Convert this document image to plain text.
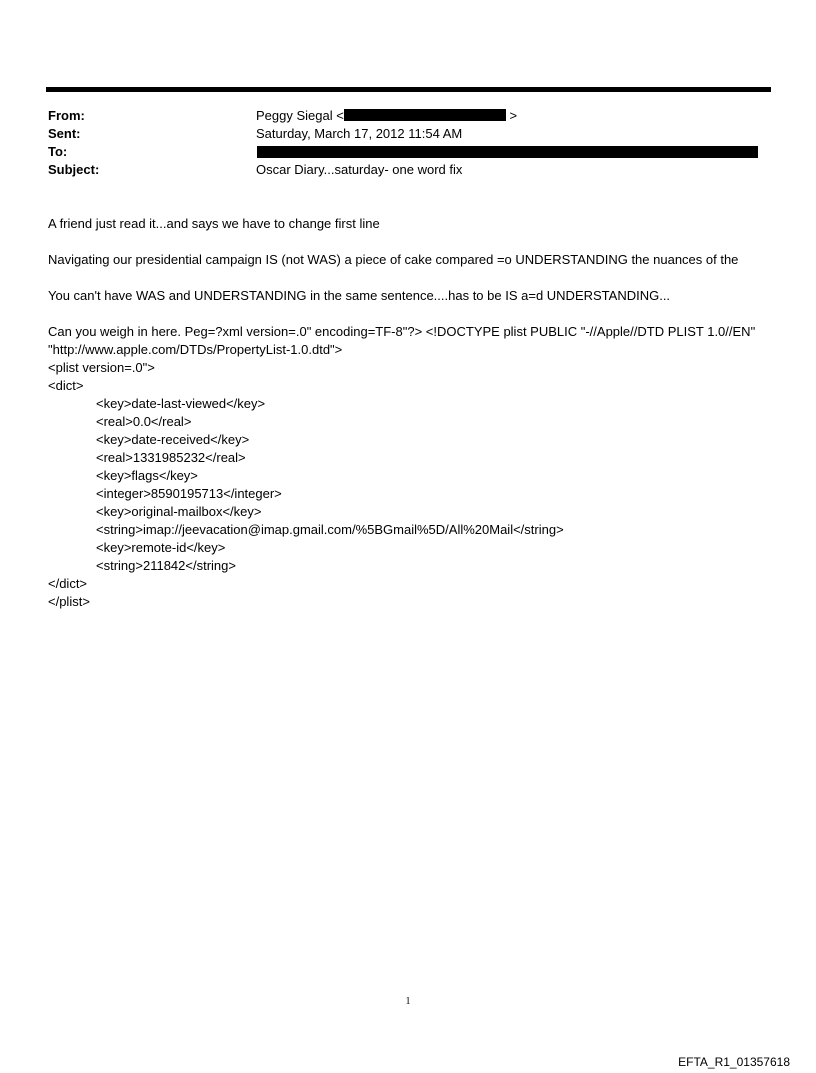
From:	Peggy Siegal <	>
Sent:	Saturday, March 17, 2012 11:54 AM
To:
Subject:	Oscar Diary...saturday- one word fix
A friend just read it...and says we have to change first line
Navigating our presidential campaign IS (not WAS) a piece of cake compared =o UNDERSTANDING the nuances of the
You can't have WAS and UNDERSTANDING in the same sentence....has to be IS a=d UNDERSTANDING...
Can you weigh in here. Peg=?xml version=.0" encoding=TF-8"?> <!DOCTYPE plist PUBLIC "-//Apple//DTD PLIST 1.0//EN"
"http://www.apple.com/DTDs/PropertyList-1.0.dtd">
<plist version=.0">
<dict>
<key>date-last-viewed</key>
<real>0.0</real>
<key>date-received</key>
<real>1331985232</real>
<key>flags</key>
<integer>8590195713</integer>
<key>original-mailbox</key>
<string>imap://jeevacation@imap.gmail.com/%5BGmail%5D/All%20Mail</string>
<key>remote-id</key>
<string>211842</string>
</dict>
</plist>
1
EFTA_R1_01357618
